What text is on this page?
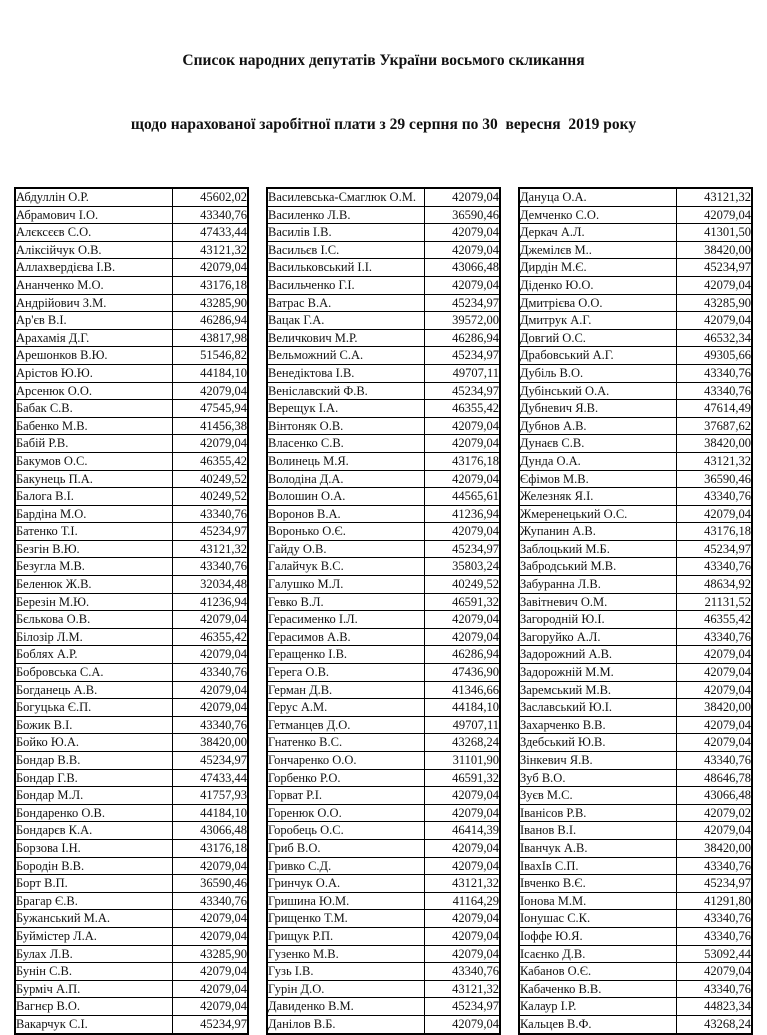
Список народних депутатів України восьмого скликання

щодо нарахованої заробітної плати з 29 серпня по 30  вересня  2019 року

Абдуллін О.Р.	45602,02
Абрамович І.О.	43340,76
Алєксєєв С.О.	47433,44
Аліксійчук О.В.	43121,32
Аллахвердієва І.В.	42079,04
Ананченко М.О.	43176,18
Андрійович З.М.	43285,90
Ар'єв В.І.	46286,94
Арахамія Д.Г.	43817,98
Арешонков В.Ю.	51546,82
Арістов Ю.Ю.	44184,10
Арсенюк О.О.	42079,04
Бабак С.В.	47545,94
Бабенко М.В.	41456,38
Бабій Р.В.	42079,04
Бакумов О.С.	46355,42
Бакунець П.А.	40249,52
Балога В.І.	40249,52
Бардіна М.О.	43340,76
Батенко Т.І.	45234,97
Безгін В.Ю.	43121,32
Безугла М.В.	43340,76
Беленюк Ж.В.	32034,48
Березін М.Ю.	41236,94
Бєлькова О.В.	42079,04
Білозір Л.М.	46355,42
Боблях А.Р.	42079,04
Бобровська С.А.	43340,76
Богданець А.В.	42079,04
Богуцька Є.П.	42079,04
Божик В.І.	43340,76
Бойко Ю.А.	38420,00
Бондар В.В.	45234,97
Бондар Г.В.	47433,44
Бондар М.Л.	41757,93
Бондаренко О.В.	44184,10
Бондарєв К.А.	43066,48
Борзова І.Н.	43176,18
Бородін В.В.	42079,04
Борт В.П.	36590,46
Брагар Є.В.	43340,76
Бужанський М.А.	42079,04
Буймістер Л.А.	42079,04
Булах Л.В.	43285,90
Бунін С.В.	42079,04
Бурміч А.П.	42079,04
Вагнєр В.О.	42079,04
Вакарчук С.І.	45234,97
Василевська-Смаглюк О.М.	42079,04
Василенко Л.В.	36590,46
Василів І.В.	42079,04
Васильєв І.С.	42079,04
Васильковський І.І.	43066,48
Васильченко Г.І.	42079,04
Ватрас В.А.	45234,97
Вацак Г.А.	39572,00
Величкович М.Р.	46286,94
Вельможний С.А.	45234,97
Венедіктова І.В.	49707,11
Веніславский Ф.В.	45234,97
Верещук І.А.	46355,42
Вінтоняк О.В.	42079,04
Власенко С.В.	42079,04
Волинець М.Я.	43176,18
Володіна Д.А.	42079,04
Волошин О.А.	44565,61
Воронов В.А.	41236,94
Воронько О.Є.	42079,04
Гайду О.В.	45234,97
Галайчук В.С.	35803,24
Галушко М.Л.	40249,52
Гевко В.Л.	46591,32
Герасименко І.Л.	42079,04
Герасимов А.В.	42079,04
Геращенко І.В.	46286,94
Герега О.В.	47436,90
Герман Д.В.	41346,66
Герус А.М.	44184,10
Гетманцев Д.О.	49707,11
Гнатенко В.С.	43268,24
Гончаренко О.О.	31101,90
Горбенко Р.О.	46591,32
Горват Р.І.	42079,04
Горенюк О.О.	42079,04
Горобець О.С.	46414,39
Гриб В.О.	42079,04
Гривко С.Д.	42079,04
Гринчук О.А.	43121,32
Гришина Ю.М.	41164,29
Грищенко Т.М.	42079,04
Грищук Р.П.	42079,04
Гузенко М.В.	42079,04
Гузь І.В.	43340,76
Гурін Д.О.	43121,32
Давиденко В.М.	45234,97
Данілов В.Б.	42079,04
Дануца О.А.	43121,32
Демченко С.О.	42079,04
Деркач А.Л.	41301,50
Джемілєв М..	38420,00
Дирдін М.Є.	45234,97
Діденко Ю.О.	42079,04
Дмитрієва О.О.	43285,90
Дмитрук А.Г.	42079,04
Довгий О.С.	46532,34
Драбовський А.Г.	49305,66
Дубіль В.О.	43340,76
Дубінський О.А.	43340,76
Дубневич Я.В.	47614,49
Дубнов А.В.	37687,62
Дунаєв С.В.	38420,00
Дунда О.А.	43121,32
Єфімов М.В.	36590,46
Железняк Я.І.	43340,76
Жмеренецький О.С.	42079,04
Жупанин А.В.	43176,18
Заблоцький М.Б.	45234,97
Забродський М.В.	43340,76
Забуранна Л.В.	48634,92
Завітневич О.М.	21131,52
Загородній Ю.І.	46355,42
Загоруйко А.Л.	43340,76
Задорожний А.В.	42079,04
Задорожній М.М.	42079,04
Заремський М.В.	42079,04
Заславський Ю.І.	38420,00
Захарченко В.В.	42079,04
Здебський Ю.В.	42079,04
Зінкевич Я.В.	43340,76
Зуб В.О.	48646,78
Зуєв М.С.	43066,48
Іванісов Р.В.	42079,02
Іванов В.І.	42079,04
Іванчук А.В.	38420,00
ІвахІв С.П.	43340,76
Івченко В.Є.	45234,97
Іонова М.М.	41291,80
Іонушас С.К.	43340,76
Іоффе Ю.Я.	43340,76
Ісаєнко Д.В.	53092,44
Кабанов О.Є.	42079,04
Кабаченко В.В.	43340,76
Калаур І.Р.	44823,34
Кальцев В.Ф.	43268,24
